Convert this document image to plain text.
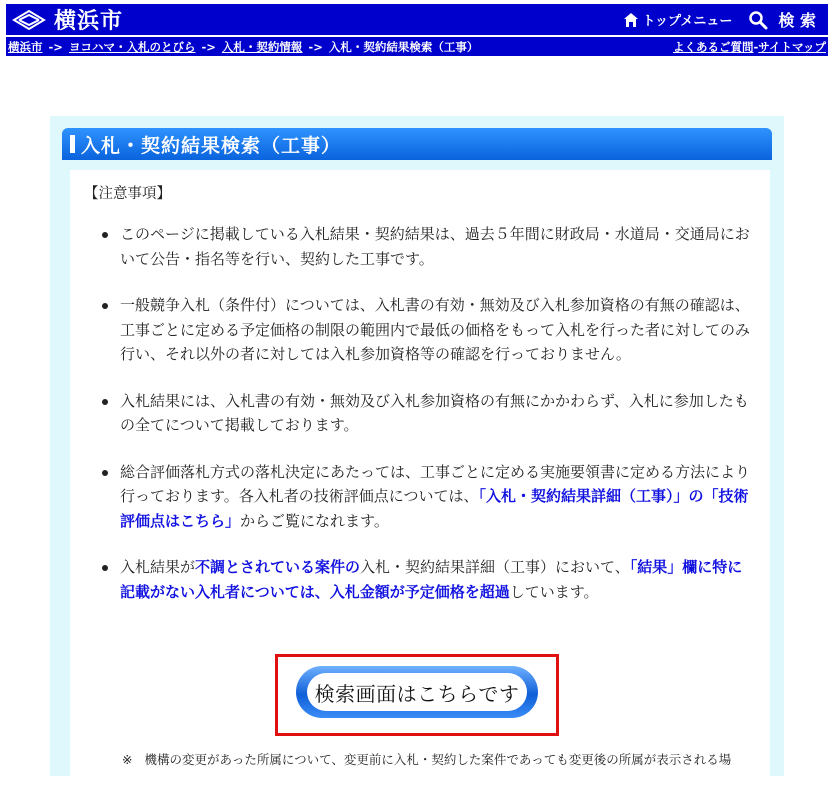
横浜市	トップメニュー	検 索
横浜市 -> ヨコハマ・入札のとびら -> 入札・契約情報 -> 入札・契約結果検索（工事）	よくあるご質問-サイトマップ
入札・契約結果検索（工事）
【注意事項】
このページに掲載している入札結果・契約結果は、過去５年間に財政局・水道局・交通局において公告・指名等を行い、契約した工事です。
一般競争入札（条件付）については、入札書の有効・無効及び入札参加資格の有無の確認は、工事ごとに定める予定価格の制限の範囲内で最低の価格をもって入札を行った者に対してのみ行い、それ以外の者に対しては入札参加資格等の確認を行っておりません。
入札結果には、入札書の有効・無効及び入札参加資格の有無にかかわらず、入札に参加したもの全てについて掲載しております。
総合評価落札方式の落札決定にあたっては、工事ごとに定める実施要領書に定める方法により行っております。各入札者の技術評価点については、「入札・契約結果詳細（工事）」の「技術評価点はこちら」からご覧になれます。
入札結果が不調とされている案件の入札・契約結果詳細（工事）において、「結果」欄に特に記載がない入札者については、入札金額が予定価格を超過しています。
検索画面はこちらです
※ 機構の変更があった所属について、変更前に入札・契約した案件であっても変更後の所属が表示される場
